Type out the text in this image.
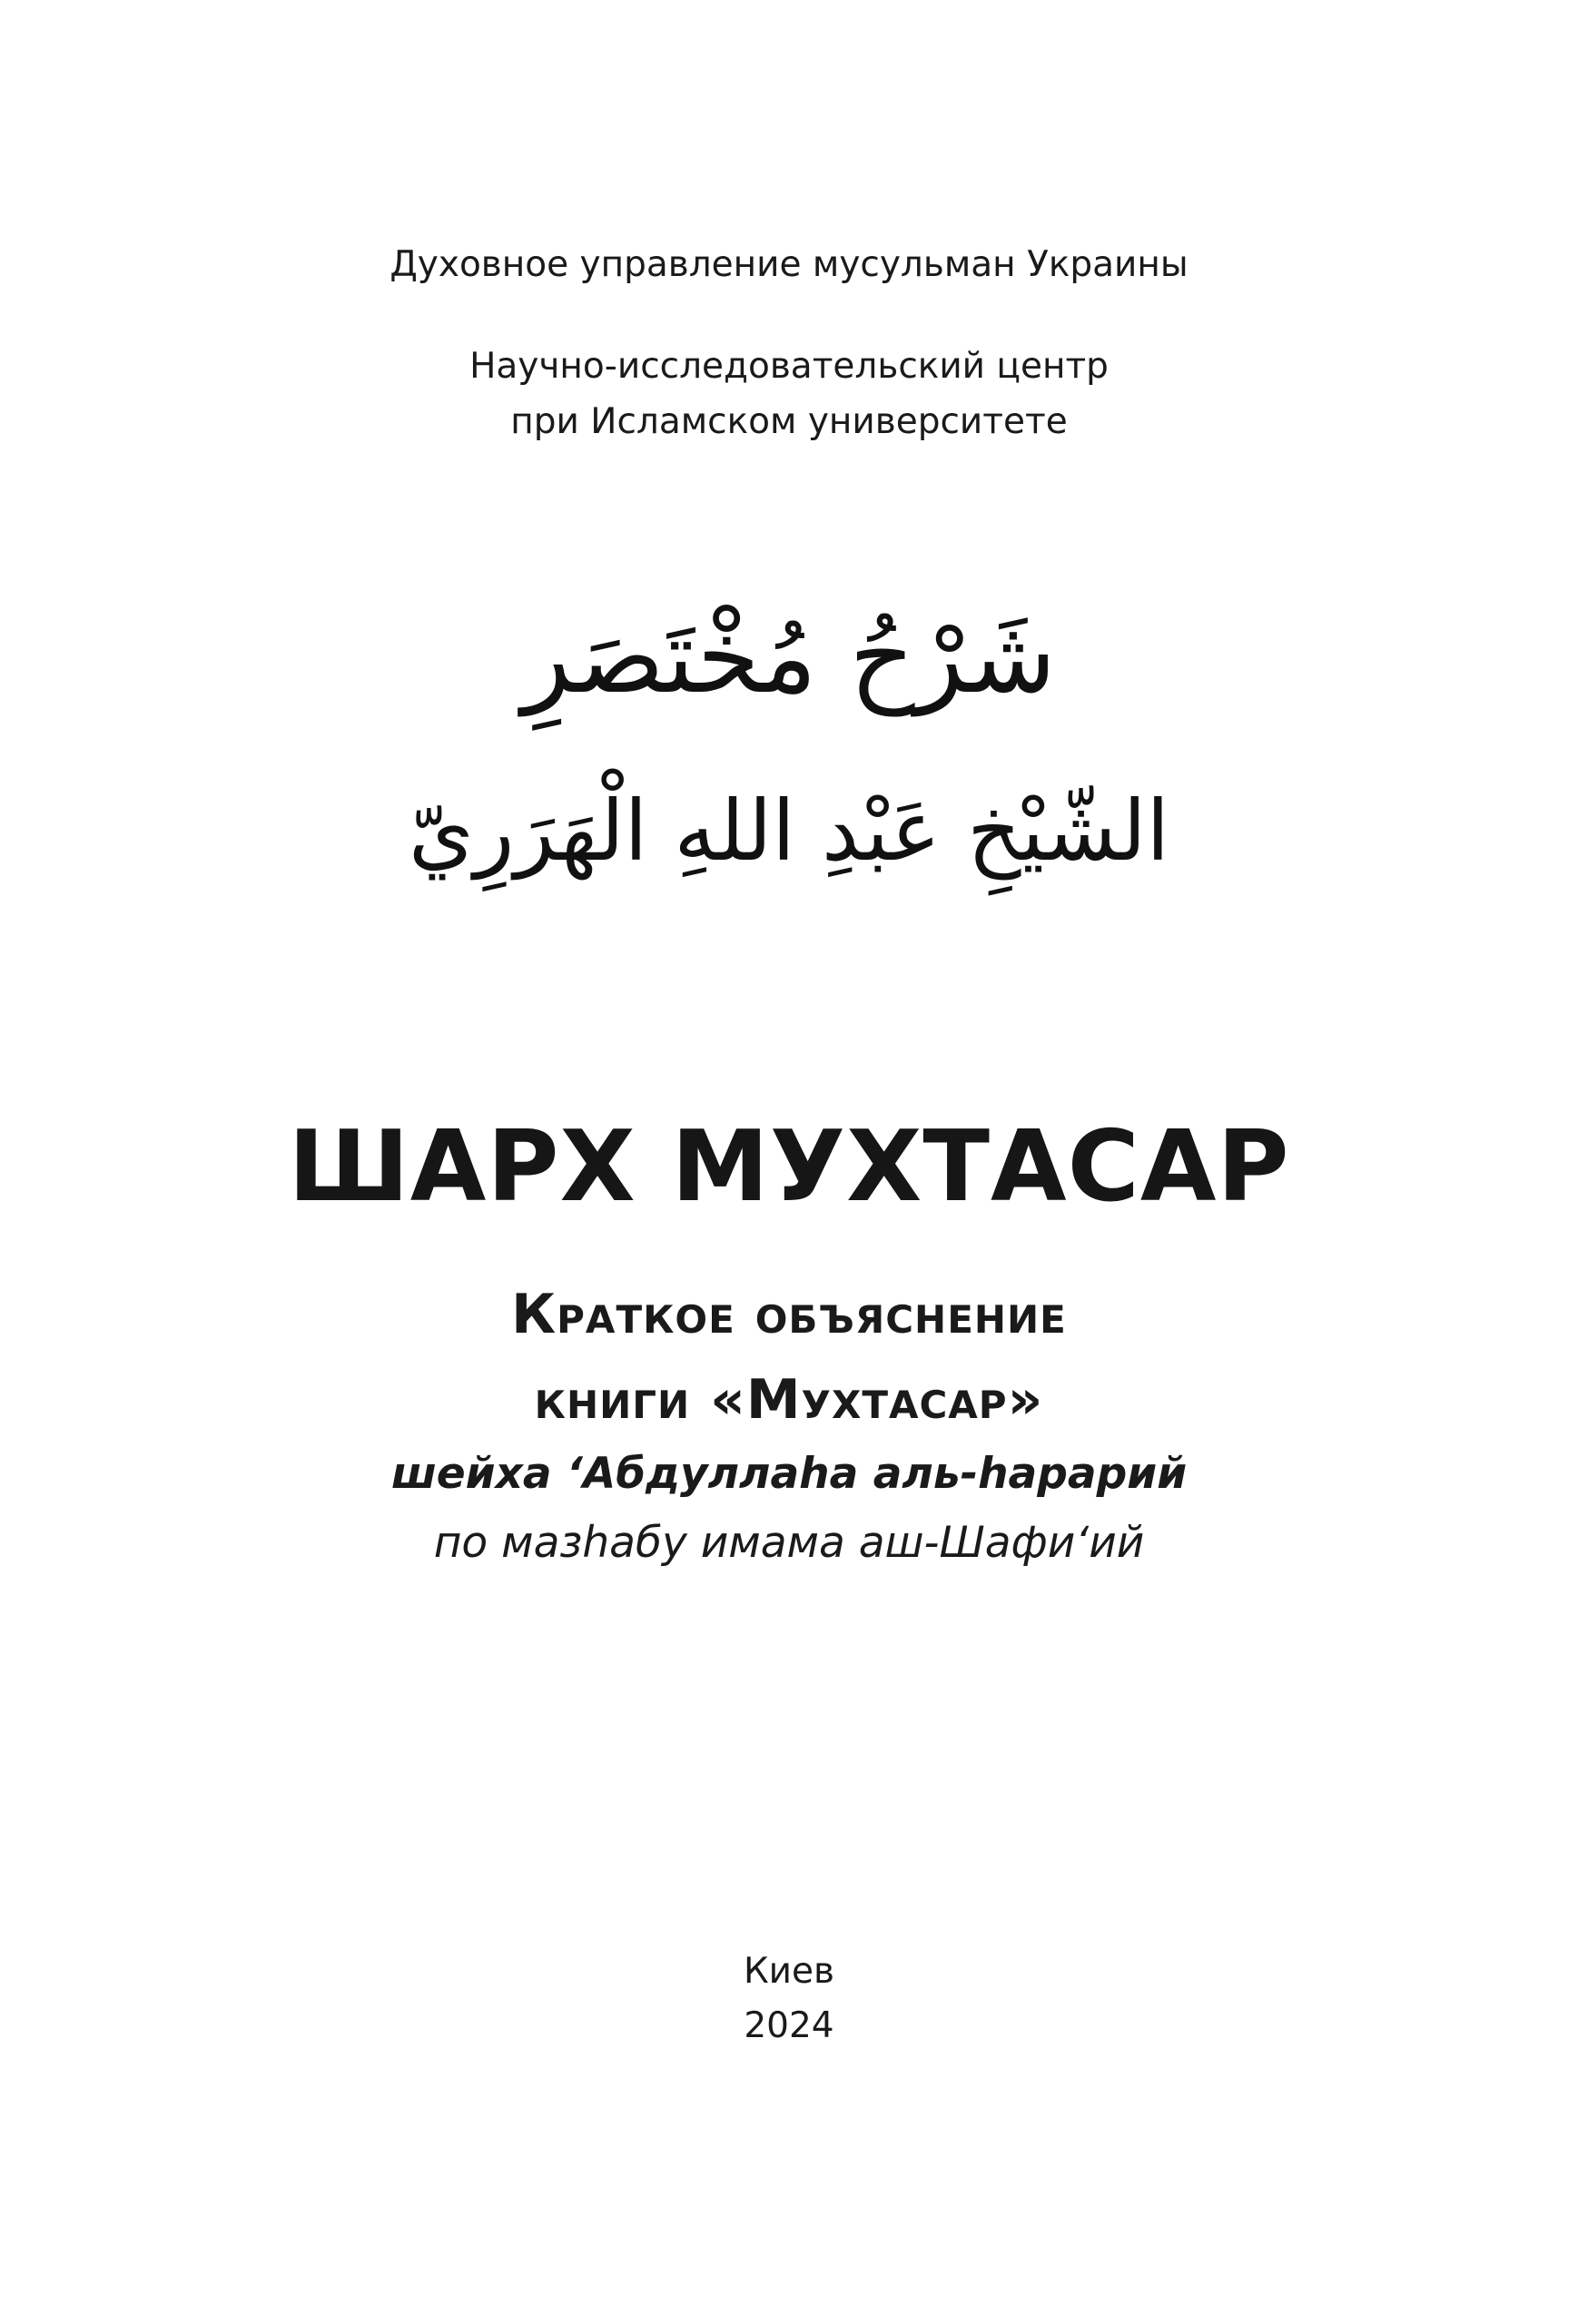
Духовное управление мусульман Украины
Научно-исследовательский центр
при Исламском университете
شَرْحُ مُخْتَصَرِ
الشّيْخِ عَبْدِ اللهِ الْهَرَرِيّ
ШАРХ МУХТАСАР
Краткое объяснение
книги «Мухтасар»
шейха ‘Абдуллаһа аль-һарарий
по мазһабу имама аш-Шафи‘ий
Киев
2024
